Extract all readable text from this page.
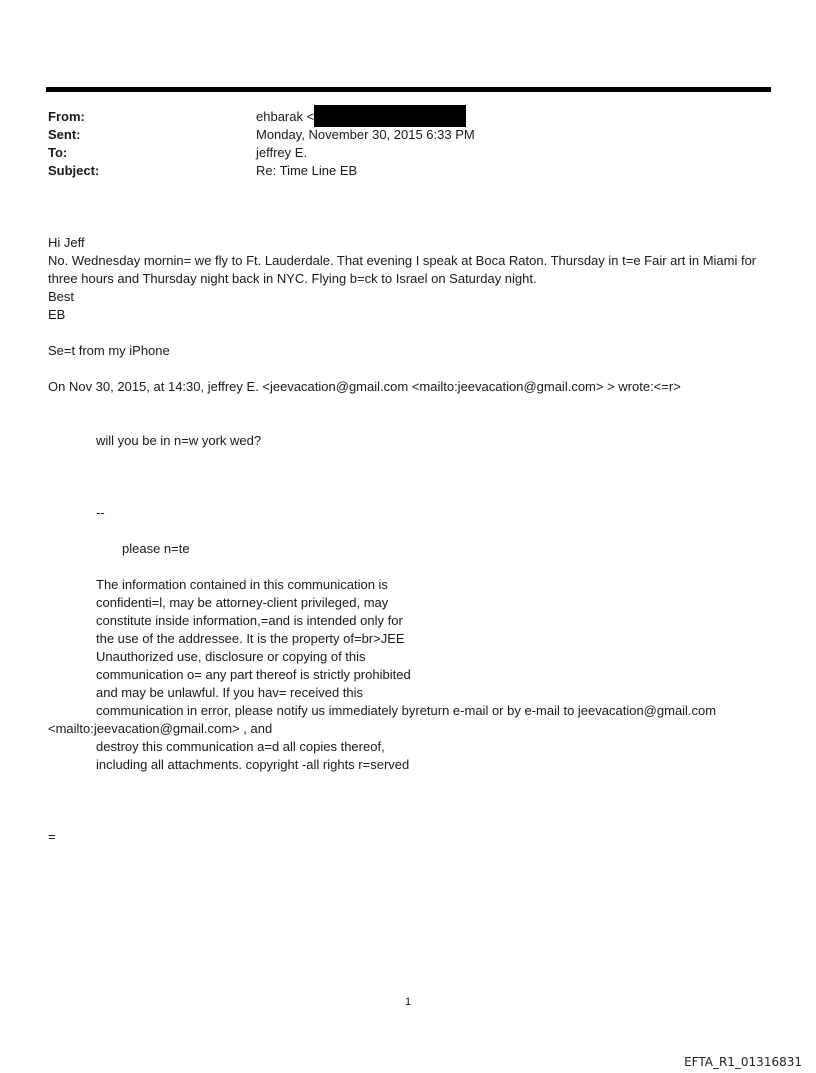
From:	ehbarak <
Sent:	Monday, November 30, 2015 6:33 PM
To:	jeffrey E.
Subject:	Re: Time Line EB

Hi Jeff

No. Wednesday mornin= we fly to Ft. Lauderdale. That evening I speak at Boca Raton. Thursday in t=e Fair art in Miami for three hours and Thursday night back in NYC. Flying b=ck to Israel on Saturday night.

Best

EB

Se=t from my iPhone

On Nov 30, 2015, at 14:30, jeffrey E. <jeevacation@gmail.com <mailto:jeevacation@gmail.com> > wrote:<=r>

will you be in n=w york wed?

--

please n=te

The information contained in this communication is

confidenti=l, may be attorney-client privileged, may

constitute inside information,=and is intended only for

the use of the addressee. It is the property of=br>JEE

Unauthorized use, disclosure or copying of this

communication o= any part thereof is strictly prohibited

and may be unlawful. If you hav= received this

communication in error, please notify us immediately byreturn e-mail or by e-mail to jeevacation@gmail.com

<mailto:jeevacation@gmail.com> , and

destroy this communication a=d all copies thereof,

including all attachments. copyright -all rights r=served

=

1
EFTA_R1_01316831
